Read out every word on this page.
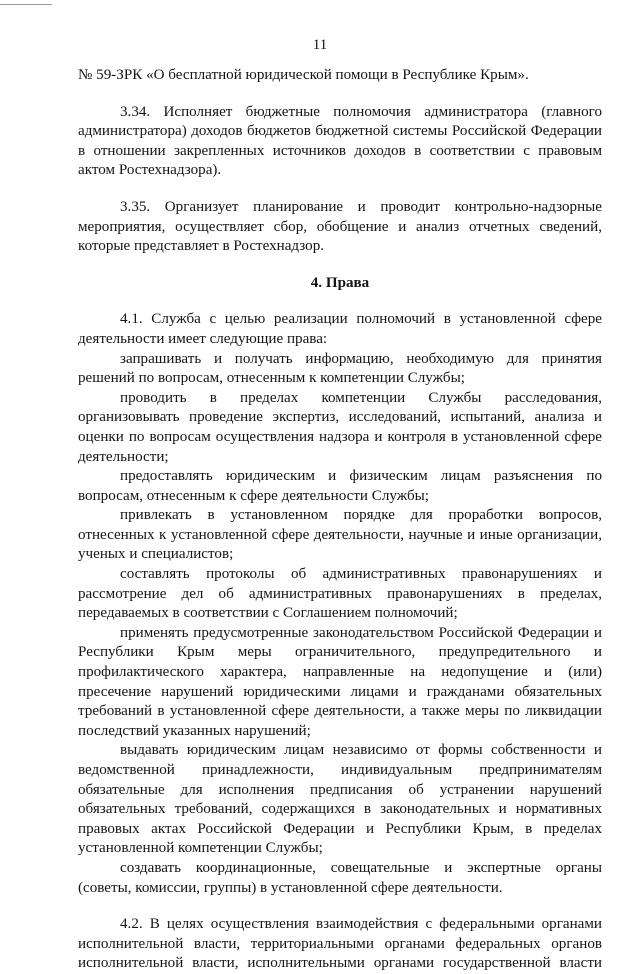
11

№ 59-ЗРК «О бесплатной юридической помощи в Республике Крым».

3.34. Исполняет бюджетные полномочия администратора (главного администратора) доходов бюджетов бюджетной системы Российской Федерации в отношении закрепленных источников доходов в соответствии с правовым актом Ростехнадзора).

3.35. Организует планирование и проводит контрольно-надзорные мероприятия, осуществляет сбор, обобщение и анализ отчетных сведений, которые представляет в Ростехнадзор.

4. Права

4.1. Служба с целью реализации полномочий в установленной сфере деятельности имеет следующие права:

запрашивать и получать информацию, необходимую для принятия решений по вопросам, отнесенным к компетенции Службы;

проводить в пределах компетенции Службы расследования, организовывать проведение экспертиз, исследований, испытаний, анализа и оценки по вопросам осуществления надзора и контроля в установленной сфере деятельности;

предоставлять юридическим и физическим лицам разъяснения по вопросам, отнесенным к сфере деятельности Службы;

привлекать в установленном порядке для проработки вопросов, отнесенных к установленной сфере деятельности, научные и иные организации, ученых и специалистов;

составлять протоколы об административных правонарушениях и рассмотрение дел об административных правонарушениях в пределах, передаваемых в соответствии с Соглашением полномочий;

применять предусмотренные законодательством Российской Федерации и Республики Крым меры ограничительного, предупредительного и профилактического характера, направленные на недопущение и (или) пресечение нарушений юридическими лицами и гражданами обязательных требований в установленной сфере деятельности, а также меры по ликвидации последствий указанных нарушений;

выдавать юридическим лицам независимо от формы собственности и ведомственной принадлежности, индивидуальным предпринимателям обязательные для исполнения предписания об устранении нарушений обязательных требований, содержащихся в законодательных и нормативных правовых актах Российской Федерации и Республики Крым, в пределах установленной компетенции Службы;

создавать координационные, совещательные и экспертные органы (советы, комиссии, группы) в установленной сфере деятельности.

4.2. В целях осуществления взаимодействия с федеральными органами исполнительной власти, территориальными органами федеральных органов исполнительной власти, исполнительными органами государственной власти
